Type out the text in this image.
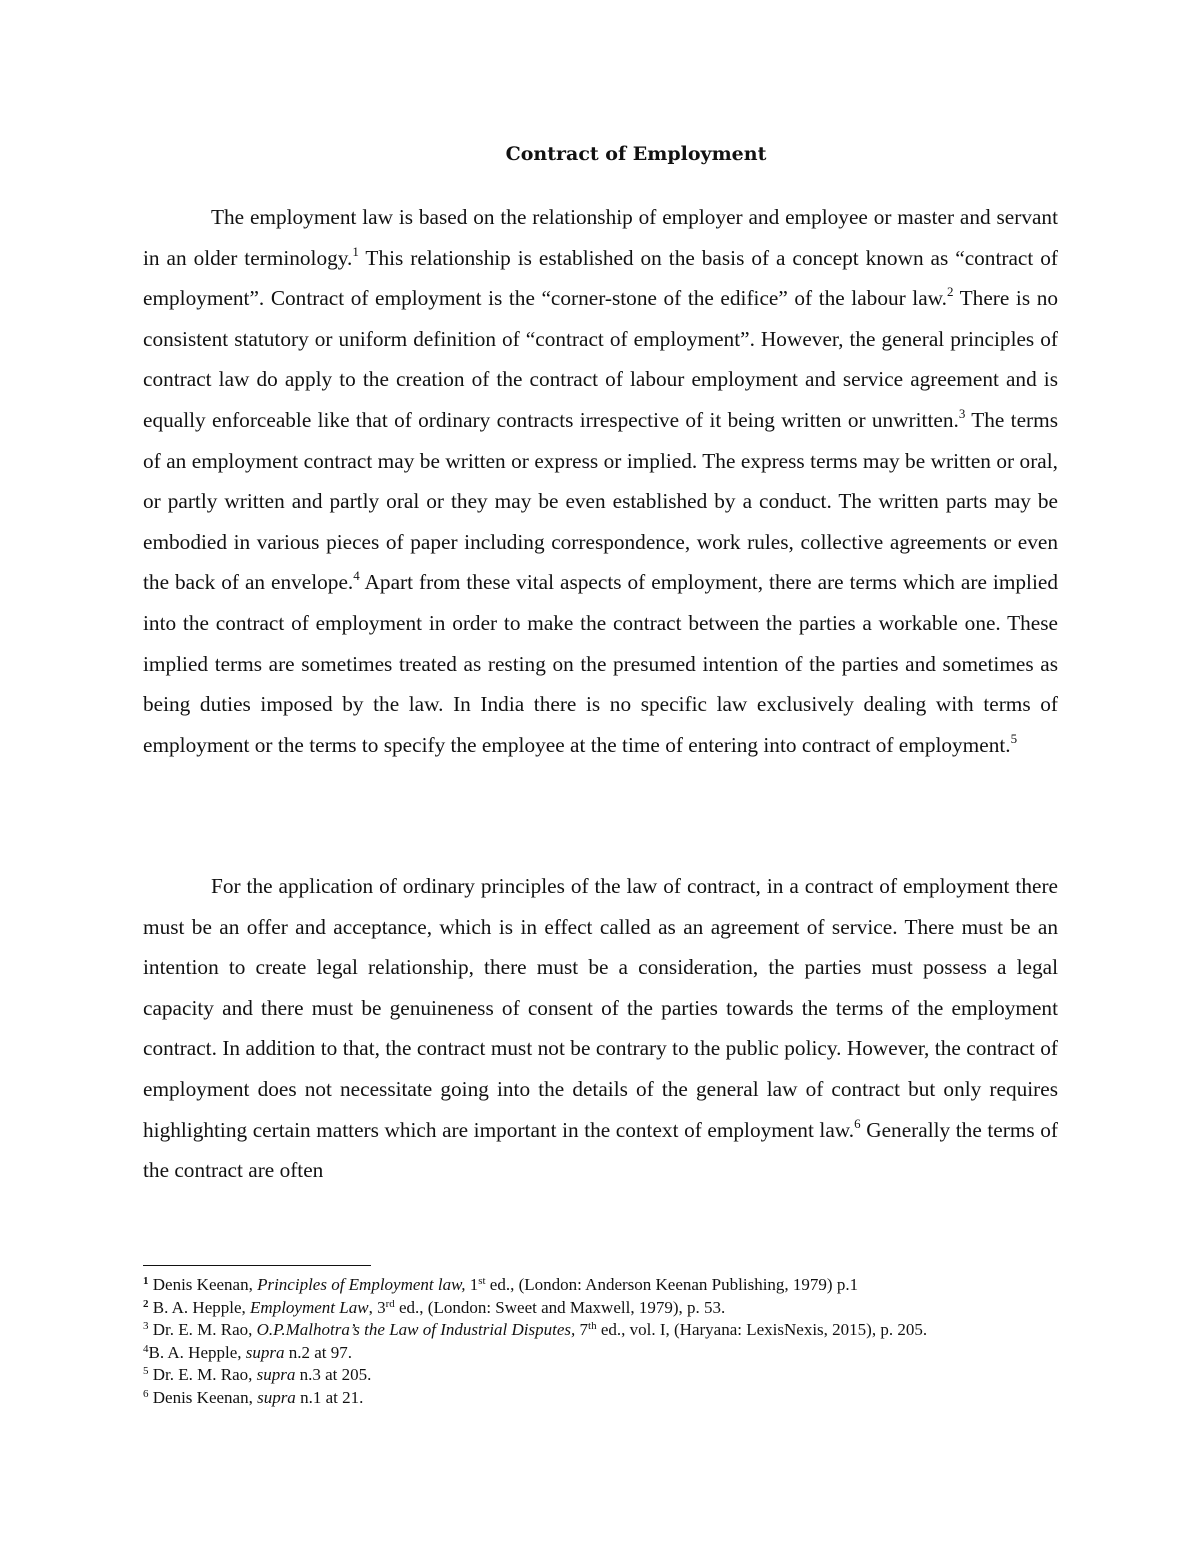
Contract of Employment

The employment law is based on the relationship of employer and employee or master and servant in an older terminology.$^1$ This relationship is established on the basis of a concept known as “contract of employment”. Contract of employment is the “corner-stone of the edifice” of the labour law.$^2$ There is no consistent statutory or uniform definition of “contract of employment”. However, the general principles of contract law do apply to the creation of the contract of labour employment and service agreement and is equally enforceable like that of ordinary contracts irrespective of it being written or unwritten.$^3$ The terms of an employment contract may be written or express or implied. The express terms may be written or oral, or partly written and partly oral or they may be even established by a conduct. The written parts may be embodied in various pieces of paper including correspondence, work rules, collective agreements or even the back of an envelope.$^4$ Apart from these vital aspects of employment, there are terms which are implied into the contract of employment in order to make the contract between the parties a workable one. These implied terms are sometimes treated as resting on the presumed intention of the parties and sometimes as being duties imposed by the law. In India there is no specific law exclusively dealing with terms of employment or the terms to specify the employee at the time of entering into contract of employment.$^5$

For the application of ordinary principles of the law of contract, in a contract of employment there must be an offer and acceptance, which is in effect called as an agreement of service. There must be an intention to create legal relationship, there must be a consideration, the parties must possess a legal capacity and there must be genuineness of consent of the parties towards the terms of the employment contract. In addition to that, the contract must not be contrary to the public policy. However, the contract of employment does not necessitate going into the details of the general law of contract but only requires highlighting certain matters which are important in the context of employment law.$^6$ Generally the terms of the contract are often

$^1$ Denis Keenan, Principles of Employment law, 1st ed., (London: Anderson Keenan Publishing, 1979) p.1
$^2$ B. A. Hepple, Employment Law, 3rd ed., (London: Sweet and Maxwell, 1979), p. 53.
$^3$ Dr. E. M. Rao, O.P.Malhotra’s the Law of Industrial Disputes, 7th ed., vol. I, (Haryana: LexisNexis, 2015), p. 205.
$^4$B. A. Hepple, supra n.2 at 97.
$^5$ Dr. E. M. Rao, supra n.3 at 205.
$^6$ Denis Keenan, supra n.1 at 21.
